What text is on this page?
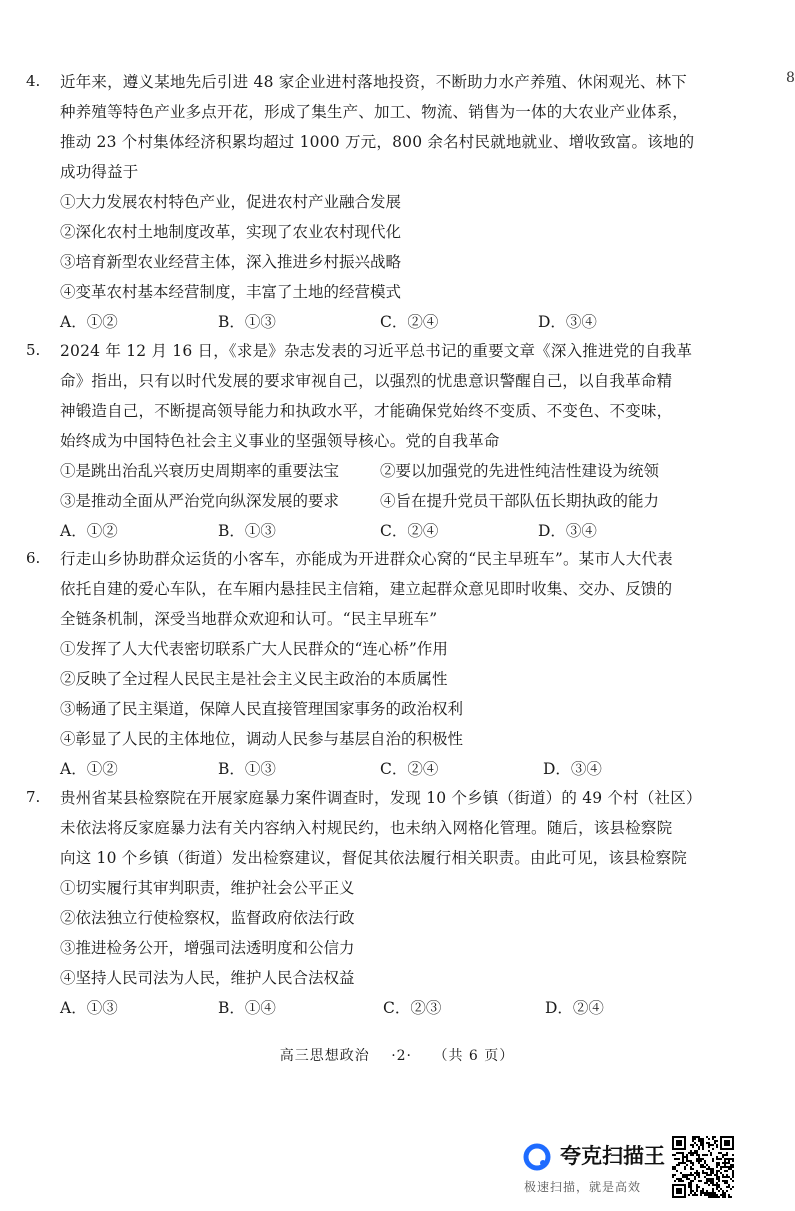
8
4. 近年来，遵义某地先后引进 48 家企业进村落地投资，不断助力水产养殖、休闲观光、林下
种养殖等特色产业多点开花，形成了集生产、加工、物流、销售为一体的大农业产业体系，
推动 23 个村集体经济积累均超过 1000 万元，800 余名村民就地就业、增收致富。该地的
成功得益于
①大力发展农村特色产业，促进农村产业融合发展
②深化农村土地制度改革，实现了农业农村现代化
③培育新型农业经营主体，深入推进乡村振兴战略
④变革农村基本经营制度，丰富了土地的经营模式
A．①②	B．①③	C．②④	D．③④
5. 2024 年 12 月 16 日，《求是》杂志发表的习近平总书记的重要文章《深入推进党的自我革
命》指出，只有以时代发展的要求审视自己，以强烈的忧患意识警醒自己，以自我革命精
神锻造自己，不断提高领导能力和执政水平，才能确保党始终不变质、不变色、不变味，
始终成为中国特色社会主义事业的坚强领导核心。党的自我革命
①是跳出治乱兴衰历史周期率的重要法宝	②要以加强党的先进性纯洁性建设为统领
③是推动全面从严治党向纵深发展的要求	④旨在提升党员干部队伍长期执政的能力
A．①②	B．①③	C．②④	D．③④
6. 行走山乡协助群众运货的小客车，亦能成为开进群众心窝的“民主早班车”。某市人大代表
依托自建的爱心车队，在车厢内悬挂民主信箱，建立起群众意见即时收集、交办、反馈的
全链条机制，深受当地群众欢迎和认可。“民主早班车”
①发挥了人大代表密切联系广大人民群众的“连心桥”作用
②反映了全过程人民民主是社会主义民主政治的本质属性
③畅通了民主渠道，保障人民直接管理国家事务的政治权利
④彰显了人民的主体地位，调动人民参与基层自治的积极性
A．①②	B．①③	C．②④	D．③④
7. 贵州省某县检察院在开展家庭暴力案件调查时，发现 10 个乡镇（街道）的 49 个村（社区）
未依法将反家庭暴力法有关内容纳入村规民约，也未纳入网格化管理。随后，该县检察院
向这 10 个乡镇（街道）发出检察建议，督促其依法履行相关职责。由此可见，该县检察院
①切实履行其审判职责，维护社会公平正义
②依法独立行使检察权，监督政府依法行政
③推进检务公开，增强司法透明度和公信力
④坚持人民司法为人民，维护人民合法权益
A．①③	B．①④	C．②③	D．②④
高三思想政治 ·2· （共 6 页）
夸克扫描王
极速扫描，就是高效
